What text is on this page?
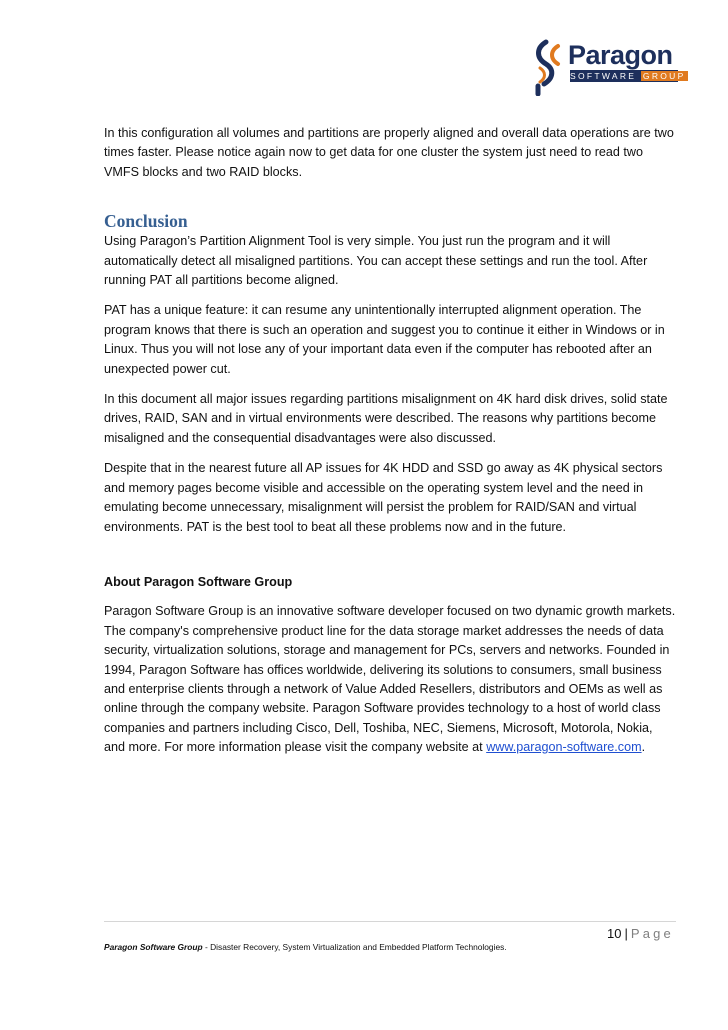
Paragon
SOFTWARE GROUP

In this configuration all volumes and partitions are properly aligned and overall data operations are two times faster. Please notice again now to get data for one cluster the system just need to read two VMFS blocks and two RAID blocks.

Conclusion

Using Paragon’s Partition Alignment Tool is very simple. You just run the program and it will automatically detect all misaligned partitions. You can accept these settings and run the tool. After running PAT all partitions become aligned.

PAT has a unique feature: it can resume any unintentionally interrupted alignment operation. The program knows that there is such an operation and suggest you to continue it either in Windows or in Linux. Thus you will not lose any of your important data even if the computer has rebooted after an unexpected power cut.

In this document all major issues regarding partitions misalignment on 4K hard disk drives, solid state drives, RAID, SAN and in virtual environments were described. The reasons why partitions become misaligned and the consequential disadvantages were also discussed.

Despite that in the nearest future all AP issues for 4K HDD and SSD go away as 4K physical sectors and memory pages become visible and accessible on the operating system level and the need in emulating become unnecessary, misalignment will persist the problem for RAID/SAN and virtual environments. PAT is the best tool to beat all these problems now and in the future.

About Paragon Software Group

Paragon Software Group is an innovative software developer focused on two dynamic growth markets. The company's comprehensive product line for the data storage market addresses the needs of data security, virtualization solutions, storage and management for PCs, servers and networks. Founded in 1994, Paragon Software has offices worldwide, delivering its solutions to consumers, small business and enterprise clients through a network of Value Added Resellers, distributors and OEMs as well as online through the company website. Paragon Software provides technology to a host of world class companies and partners including Cisco, Dell, Toshiba, NEC, Siemens, Microsoft, Motorola, Nokia, and more. For more information please visit the company website at www.paragon-software.com.

10 | Page
Paragon Software Group - Disaster Recovery, System Virtualization and Embedded Platform Technologies.
